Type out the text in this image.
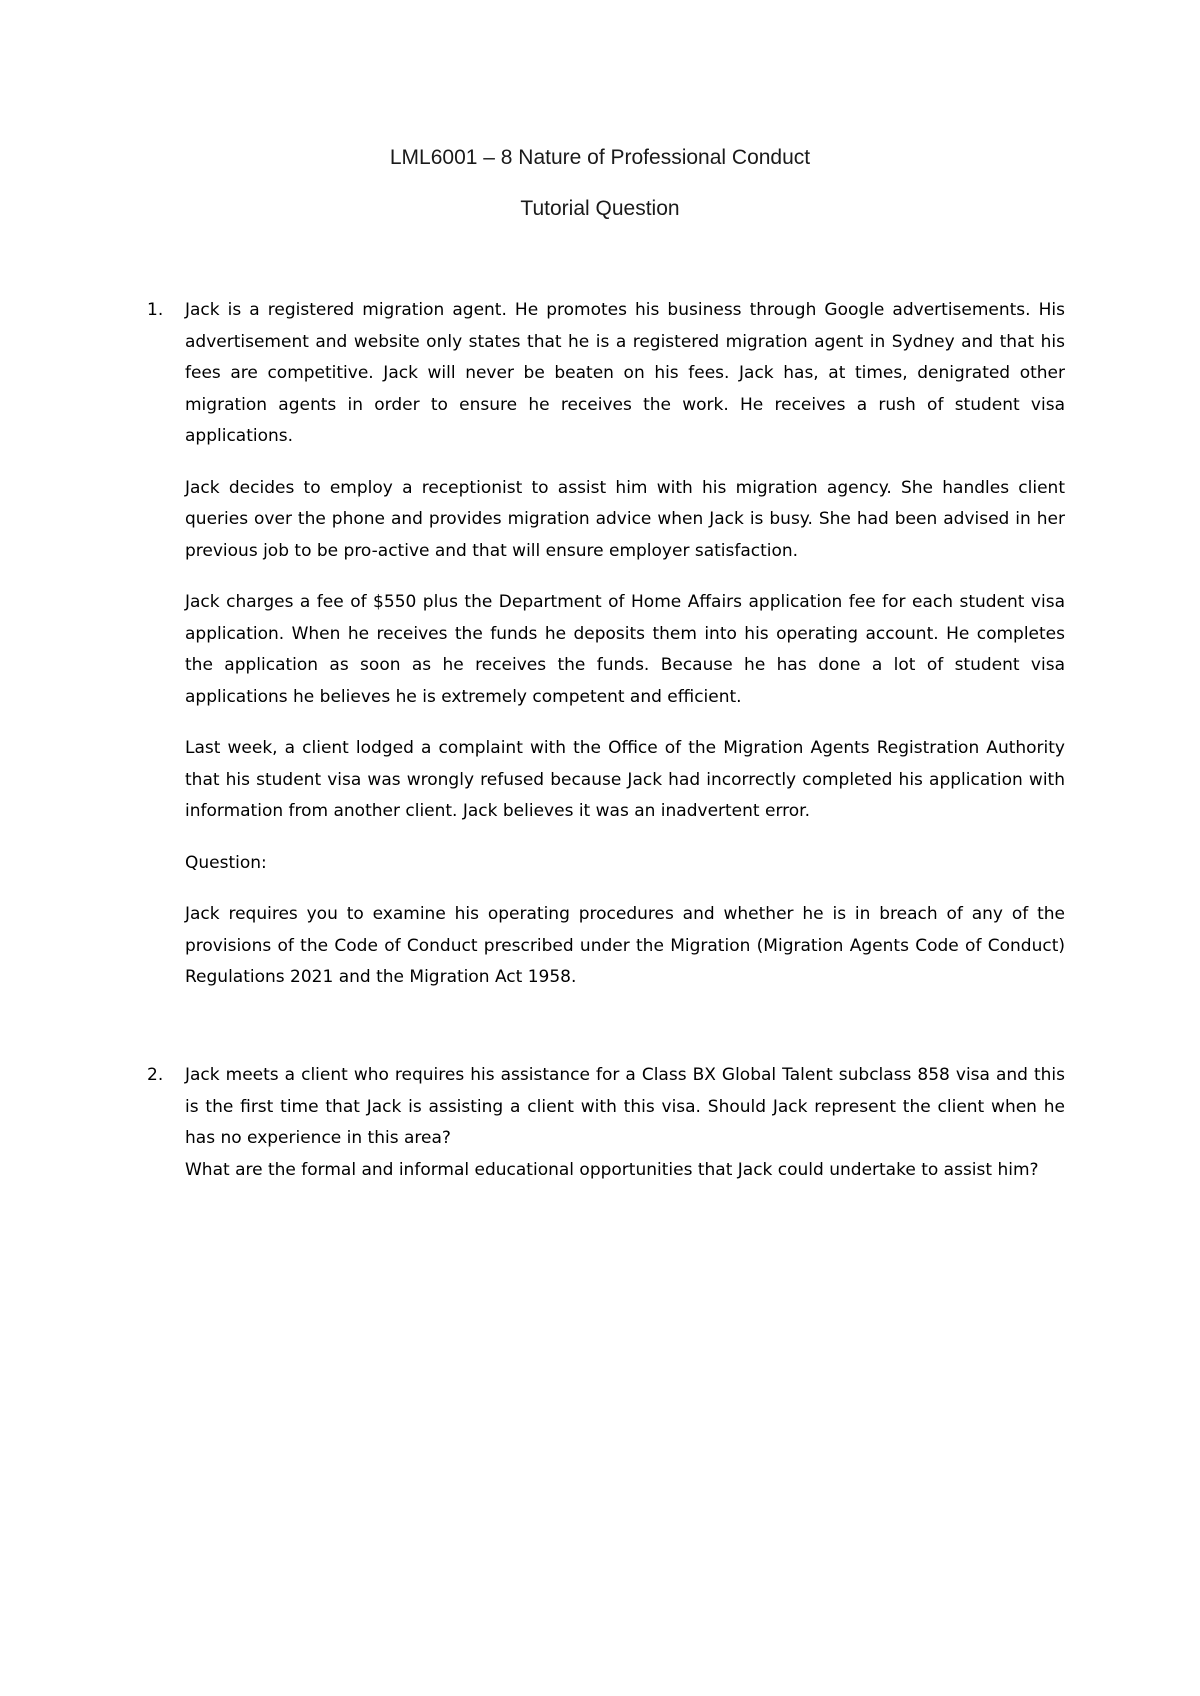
LML6001 – 8 Nature of Professional Conduct
Tutorial Question
1. Jack is a registered migration agent. He promotes his business through Google advertisements. His advertisement and website only states that he is a registered migration agent in Sydney and that his fees are competitive. Jack will never be beaten on his fees. Jack has, at times, denigrated other migration agents in order to ensure he receives the work. He receives a rush of student visa applications.

Jack decides to employ a receptionist to assist him with his migration agency. She handles client queries over the phone and provides migration advice when Jack is busy. She had been advised in her previous job to be pro-active and that will ensure employer satisfaction.

Jack charges a fee of $550 plus the Department of Home Affairs application fee for each student visa application. When he receives the funds he deposits them into his operating account. He completes the application as soon as he receives the funds. Because he has done a lot of student visa applications he believes he is extremely competent and efficient.

Last week, a client lodged a complaint with the Office of the Migration Agents Registration Authority that his student visa was wrongly refused because Jack had incorrectly completed his application with information from another client. Jack believes it was an inadvertent error.

Question:

Jack requires you to examine his operating procedures and whether he is in breach of any of the provisions of the Code of Conduct prescribed under the Migration (Migration Agents Code of Conduct) Regulations 2021 and the Migration Act 1958.

2. Jack meets a client who requires his assistance for a Class BX Global Talent subclass 858 visa and this is the first time that Jack is assisting a client with this visa. Should Jack represent the client when he has no experience in this area?

What are the formal and informal educational opportunities that Jack could undertake to assist him?
